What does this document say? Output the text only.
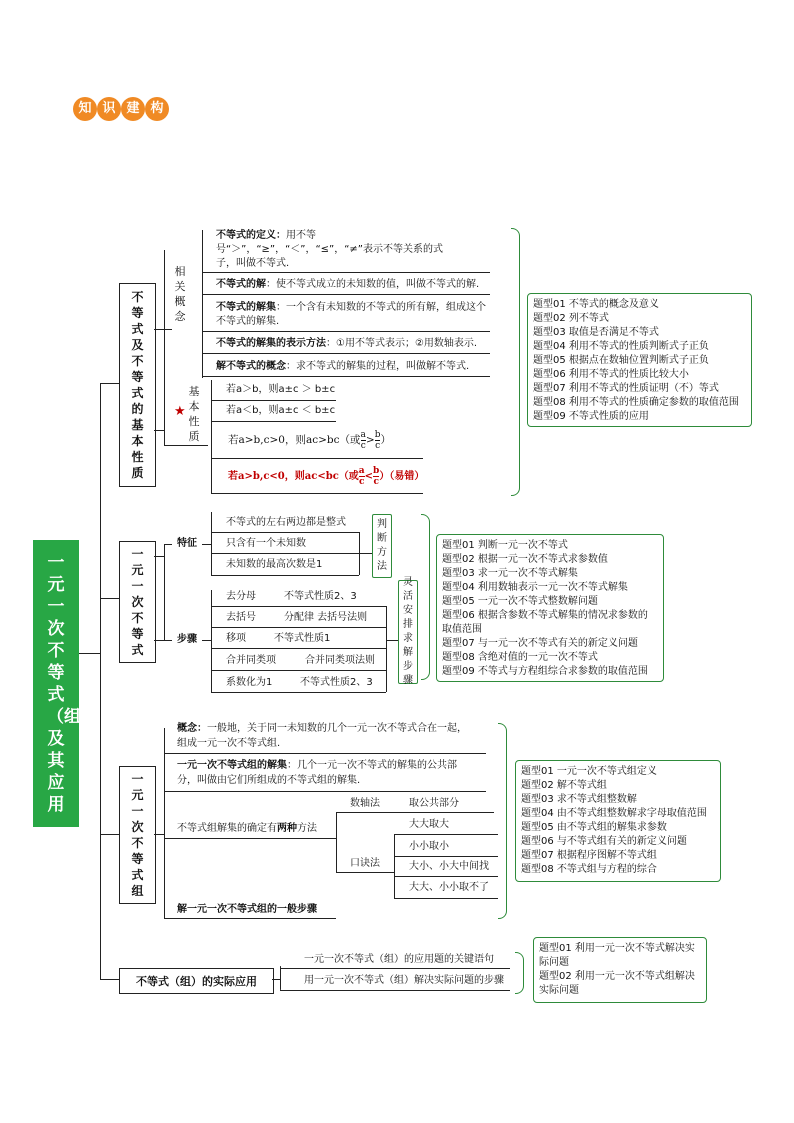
知 识 建 构
一元一次不等式（组）及其应用
不等式及不等式的基本性质
相关概念
不等式的定义：用不等
号“＞”，“≥”，“＜”，“≤”，“≠”表示不等关系的式
子，叫做不等式.
不等式的解：使不等式成立的未知数的值，叫做不等式的解.
不等式的解集：一个含有未知数的不等式的所有解，组成这个
不等式的解集.
不等式的解集的表示方法：①用不等式表示；②用数轴表示.
解不等式的概念：求不等式的解集的过程，叫做解不等式.
★
基本性质
若a＞b，则a±c ＞ b±c
若a＜b，则a±c ＜ b±c
若a>b,c>0，则ac>bc（或 $\frac{a}{c} > \frac{b}{c}$ ）
若a>b,c<0，则ac<bc（或 $\frac{a}{c} < \frac{b}{c}$ ）（易错）
题型01 不等式的概念及意义
题型02 列不等式
题型03 取值是否满足不等式
题型04 利用不等式的性质判断式子正负
题型05 根据点在数轴位置判断式子正负
题型06 利用不等式的性质比较大小
题型07 利用不等式的性质证明（不）等式
题型08 利用不等式的性质确定参数的取值范围
题型09 不等式性质的应用
一元一次不等式
特征
步骤
不等式的左右两边都是整式
只含有一个未知数
未知数的最高次数是1
判断方法
去分母	不等式性质2、3
去括号	分配律 去括号法则
移项	不等式性质1
合并同类项	合并同类项法则
系数化为1	不等式性质2、3
灵活安排求解步骤
题型01 判断一元一次不等式
题型02 根据一元一次不等式求参数值
题型03 求一元一次不等式解集
题型04 利用数轴表示一元一次不等式解集
题型05 一元一次不等式整数解问题
题型06 根据含参数不等式解集的情况求参数的
取值范围
题型07 与一元一次不等式有关的新定义问题
题型08 含绝对值的一元一次不等式
题型09 不等式与方程组综合求参数的取值范围
一元一次不等式组
概念：一般地，关于同一未知数的几个一元一次不等式合在一起，
组成一元一次不等式组.
一元一次不等式组的解集：几个一元一次不等式的解集的公共部
分，叫做由它们所组成的不等式组的解集.
不等式组解集的确定有两种方法
数轴法
口诀法
取公共部分
大大取大
小小取小
大小、小大中间找
大大、小小取不了
解一元一次不等式组的一般步骤
题型01 一元一次不等式组定义
题型02 解不等式组
题型03 求不等式组整数解
题型04 由不等式组整数解求字母取值范围
题型05 由不等式组的解集求参数
题型06 与不等式组有关的新定义问题
题型07 根据程序图解不等式组
题型08 不等式组与方程的综合
不等式（组）的实际应用
一元一次不等式（组）的应用题的关键语句
用一元一次不等式（组）解决实际问题的步骤
题型01 利用一元一次不等式解决实
际问题
题型02 利用一元一次不等式组解决
实际问题
